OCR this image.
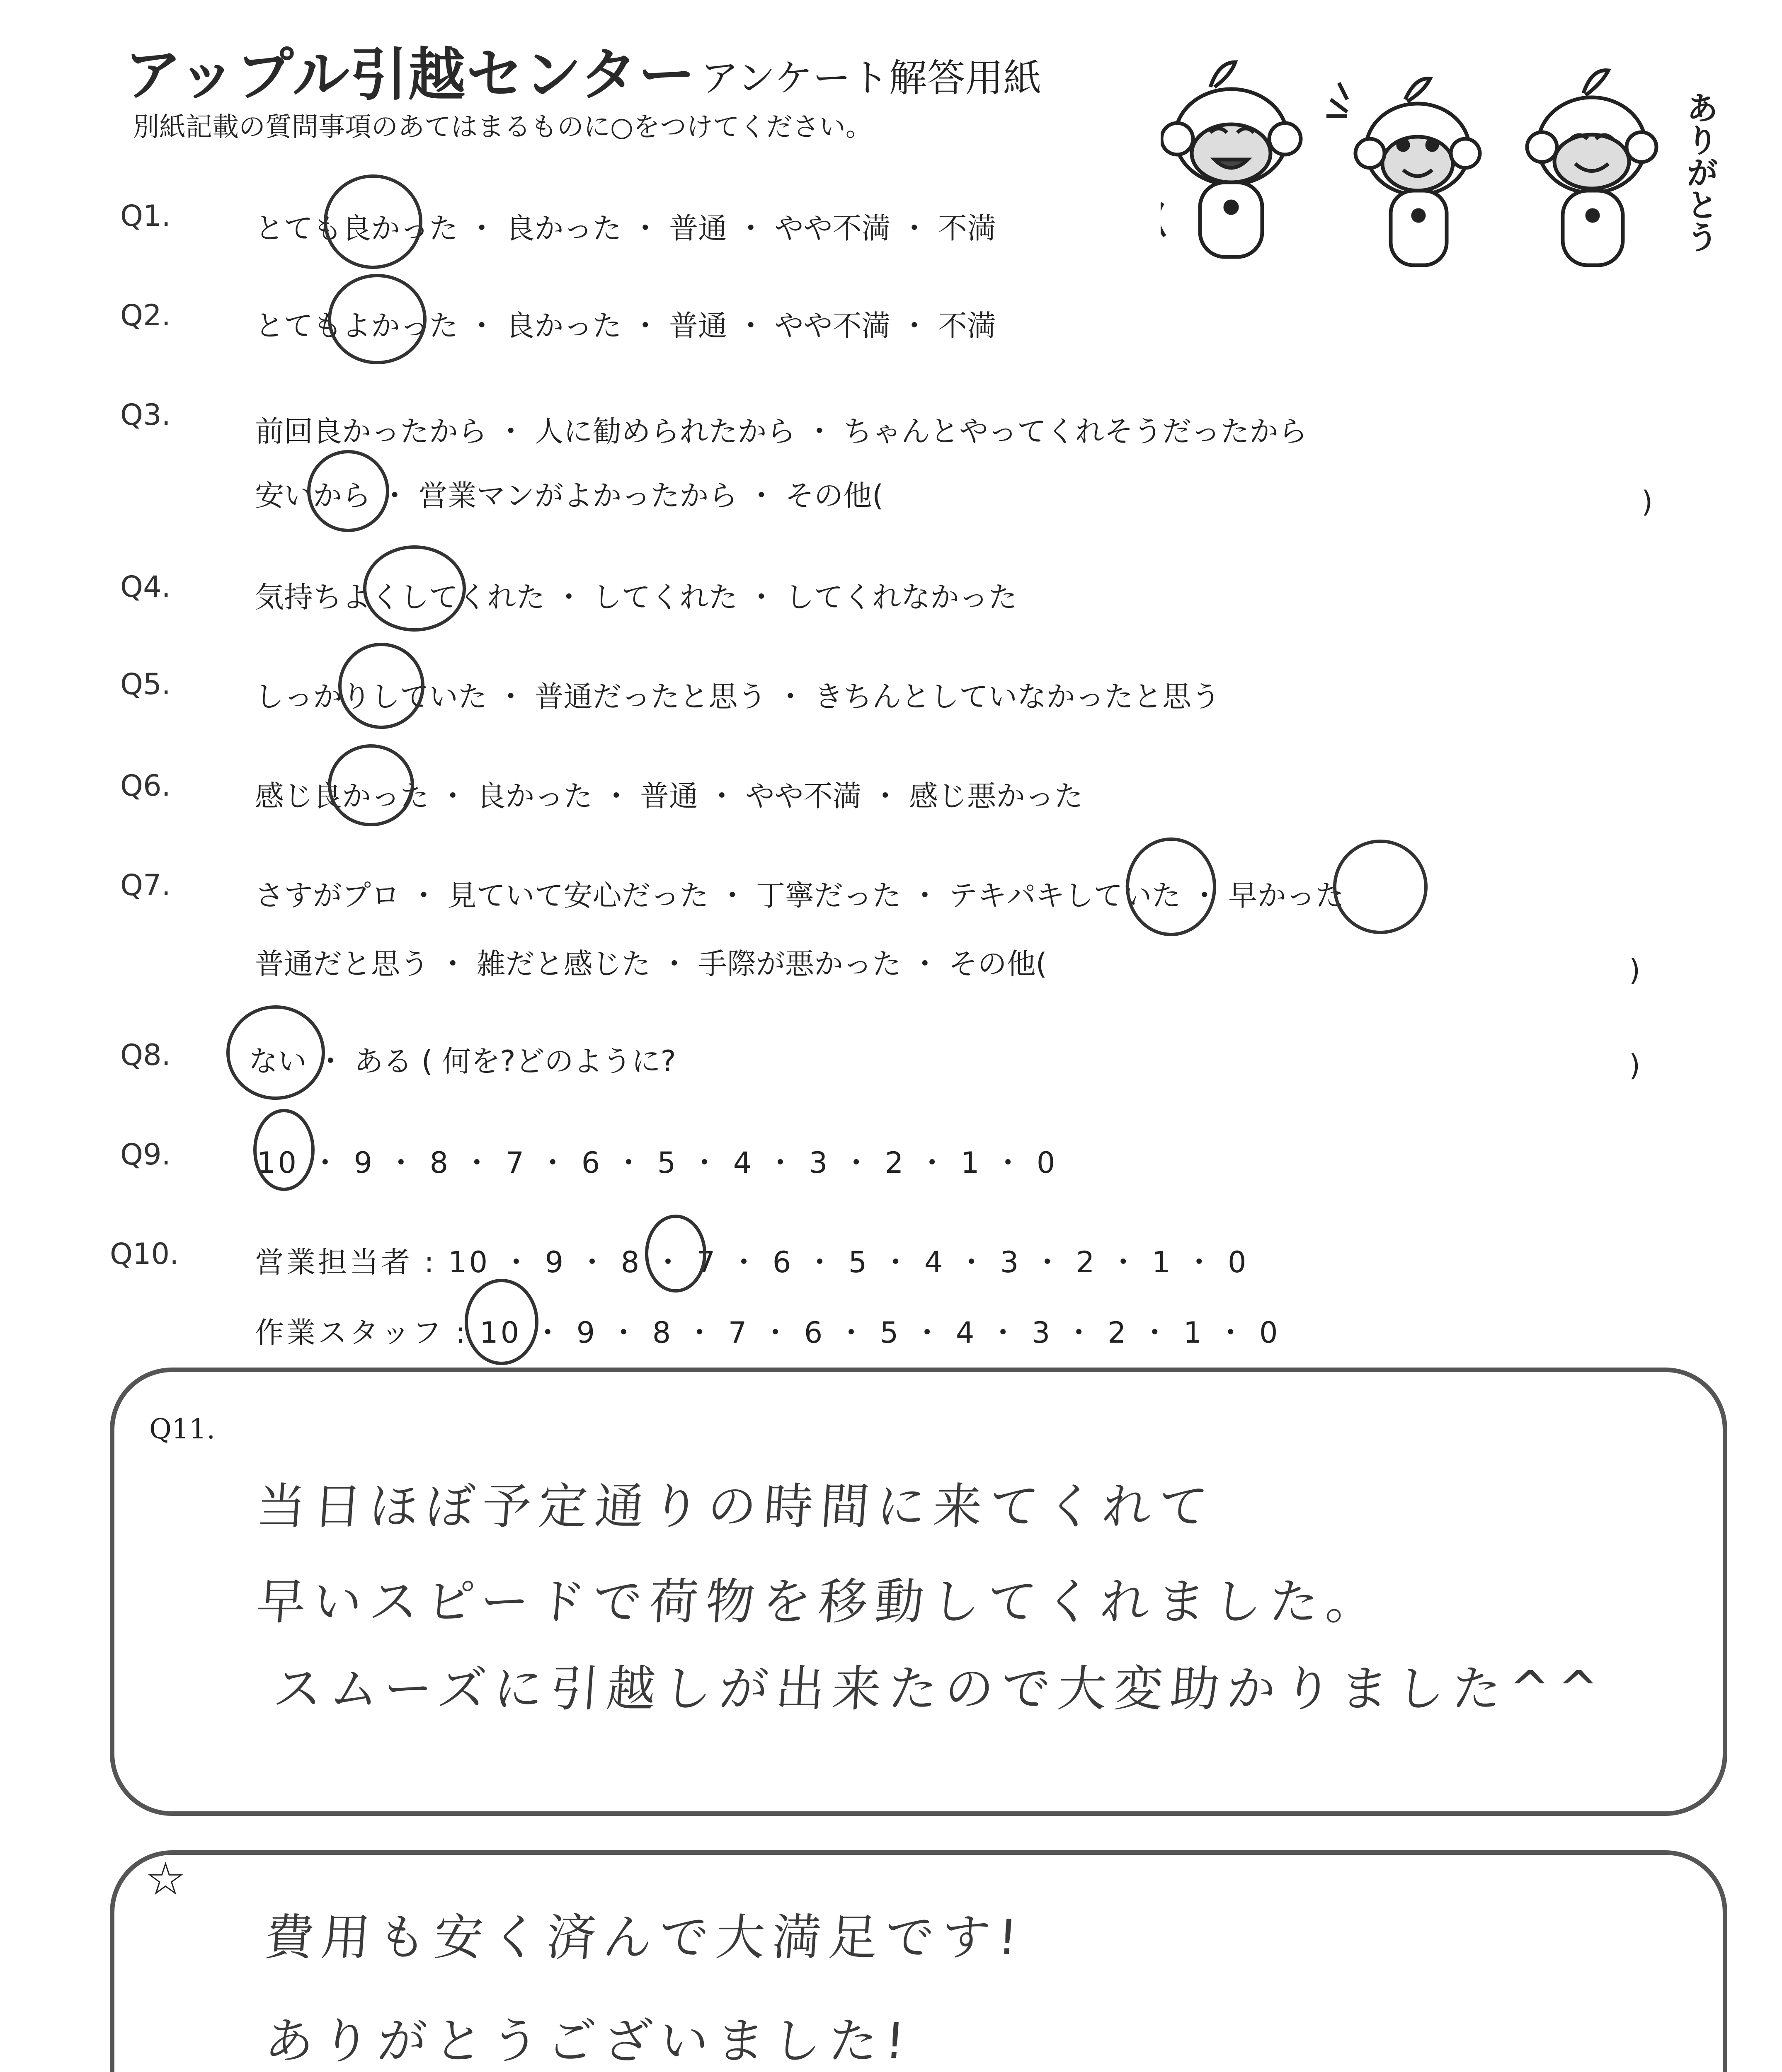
アップル引越センター アンケート解答用紙
別紙記載の質問事項のあてはまるものに○をつけてください。	ありがとう
Q1.	とても良かった ・ 良かった ・ 普通 ・ やや不満 ・ 不満
Q2.	とてもよかった ・ 良かった ・ 普通 ・ やや不満 ・ 不満
Q3.	前回良かったから ・ 人に勧められたから ・ ちゃんとやってくれそうだったから
安いから ・ 営業マンがよかったから ・ その他(	)
Q4.	気持ちよくしてくれた ・ してくれた ・ してくれなかった
Q5.	しっかりしていた ・ 普通だったと思う ・ きちんとしていなかったと思う
Q6.	感じ良かった ・ 良かった ・ 普通 ・ やや不満 ・ 感じ悪かった
Q7.	さすがプロ ・ 見ていて安心だった ・ 丁寧だった ・ テキパキしていた ・ 早かった
普通だと思う ・ 雑だと感じた ・ 手際が悪かった ・ その他(	)
Q8.	ない ・ ある ( 何を?どのように?	)
Q9.	10 ・ 9 ・ 8 ・ 7 ・ 6 ・ 5 ・ 4 ・ 3 ・ 2 ・ 1 ・ 0
Q10.	営業担当者 : 10 ・ 9 ・ 8 ・ 7 ・ 6 ・ 5 ・ 4 ・ 3 ・ 2 ・ 1 ・ 0
作業スタッフ : 10 ・ 9 ・ 8 ・ 7 ・ 6 ・ 5 ・ 4 ・ 3 ・ 2 ・ 1 ・ 0
Q11.
当日ほぼ予定通りの時間に来てくれて
早いスピードで荷物を移動してくれました。
スムーズに引越しが出来たので大変助かりました^^
☆
費用も安く済んで大満足です!
ありがとうございました!
